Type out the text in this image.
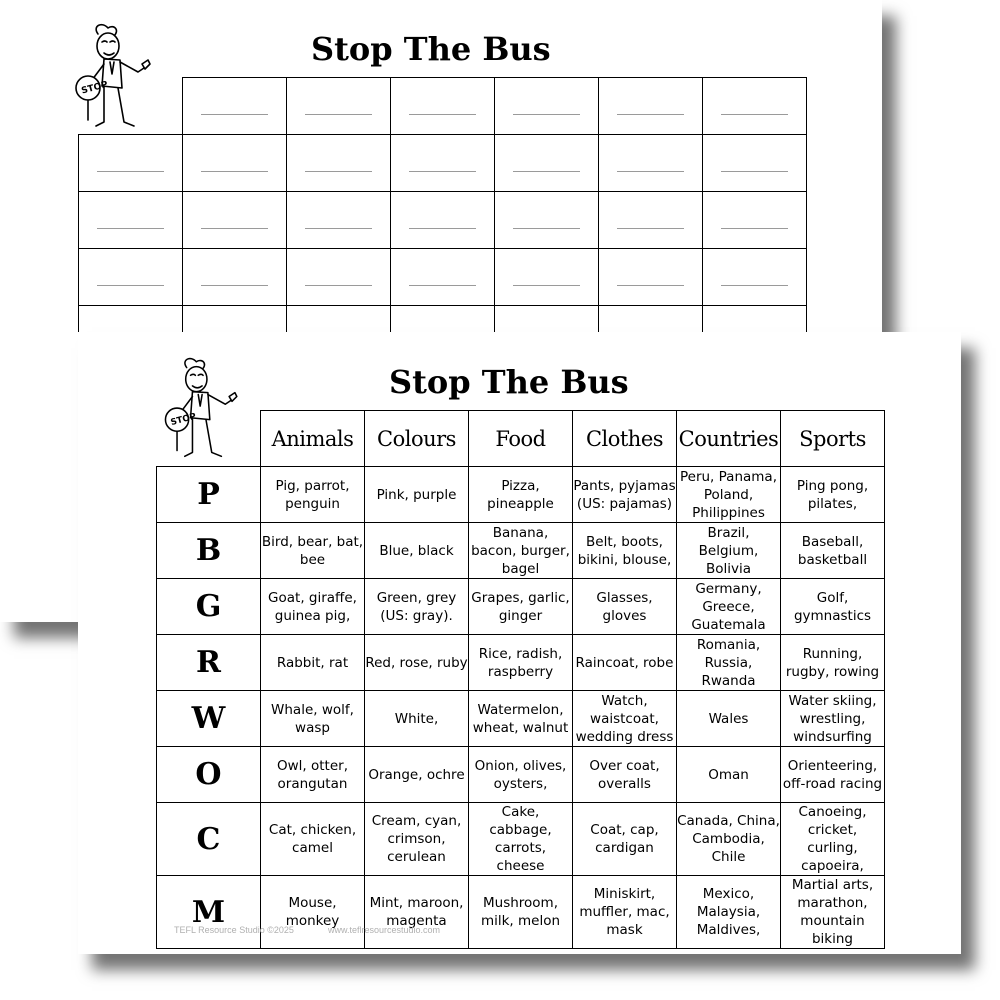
Stop The Bus
STOP

Stop The Bus
STOP
	Animals	Colours	Food	Clothes	Countries	Sports
P	Pig, parrot, penguin	Pink, purple	Pizza, pineapple	Pants, pyjamas (US: pajamas)	Peru, Panama, Poland, Philippines	Ping pong, pilates,
B	Bird, bear, bat, bee	Blue, black	Banana, bacon, burger, bagel	Belt, boots, bikini, blouse,	Brazil, Belgium, Bolivia	Baseball, basketball
G	Goat, giraffe, guinea pig,	Green, grey (US: gray).	Grapes, garlic, ginger	Glasses, gloves	Germany, Greece, Guatemala	Golf, gymnastics
R	Rabbit, rat	Red, rose, ruby	Rice, radish, raspberry	Raincoat, robe	Romania, Russia, Rwanda	Running, rugby, rowing
W	Whale, wolf, wasp	White,	Watermelon, wheat, walnut	Watch, waistcoat, wedding dress	Wales	Water skiing, wrestling, windsurfing
O	Owl, otter, orangutan	Orange, ochre	Onion, olives, oysters,	Over coat, overalls	Oman	Orienteering, off-road racing
C	Cat, chicken, camel	Cream, cyan, crimson, cerulean	Cake, cabbage, carrots, cheese	Coat, cap, cardigan	Canada, China, Cambodia, Chile	Canoeing, cricket, curling, capoeira,
M	Mouse, monkey	Mint, maroon, magenta	Mushroom, milk, melon	Miniskirt, muffler, mac, mask	Mexico, Malaysia, Maldives,	Martial arts, marathon, mountain biking
TEFL Resource Studio ©2025	www.teflresourcestudio.com
